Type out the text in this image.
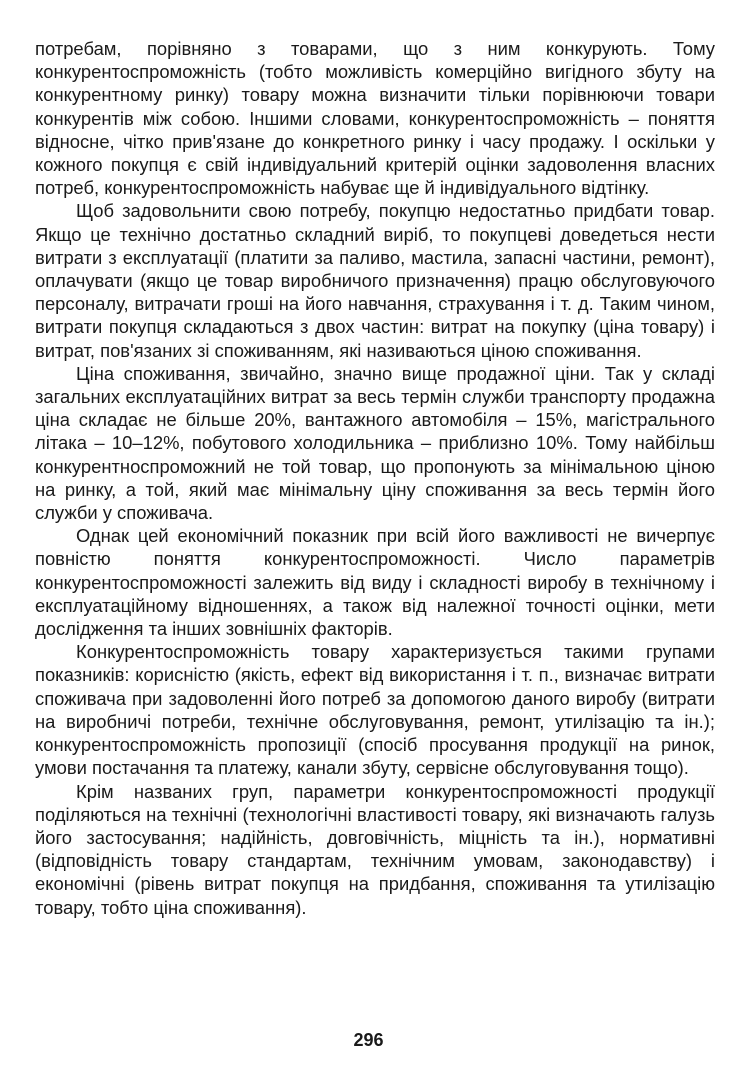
потребам, порівняно з товарами, що з ним конкурують. Тому конкурентоспроможність (тобто можливість комерційно вигідного збуту на конкурентному ринку) товару можна визначити тільки порівнюючи товари конкурентів між собою. Іншими словами, конкурентоспроможність – поняття відносне, чітко прив'язане до конкретного ринку і часу продажу. І оскільки у кожного покупця є свій індивідуальний критерій оцінки задоволення власних потреб, конкурентоспроможність набуває ще й індивідуального відтінку.

Щоб задовольнити свою потребу, покупцю недостатньо придбати товар. Якщо це технічно достатньо складний виріб, то покупцеві доведеться нести витрати з експлуатації (платити за паливо, мастила, запасні частини, ремонт), оплачувати (якщо це товар виробничого призначення) працю обслуговуючого персоналу, витрачати гроші на його навчання, страхування і т. д. Таким чином, витрати покупця складаються з двох частин: витрат на покупку (ціна товару) і витрат, пов'язаних зі споживанням, які називаються ціною споживання.

Ціна споживання, звичайно, значно вище продажної ціни. Так у складі загальних експлуатаційних витрат за весь термін служби транспорту продажна ціна складає не більше 20%, вантажного автомобіля – 15%, магістрального літака – 10–12%, побутового холодильника – приблизно 10%. Тому найбільш конкурентноспроможний не той товар, що пропонують за мінімальною ціною на ринку, а той, який має мінімальну ціну споживання за весь термін його служби у споживача.

Однак цей економічний показник при всій його важливості не вичерпує повністю поняття конкурентоспроможності. Число параметрів конкурентоспроможності залежить від виду і складності виробу в технічному і експлуатаційному відношеннях, а також від належної точності оцінки, мети дослідження та інших зовнішніх факторів.

Конкурентоспроможність товару характеризується такими групами показників: корисністю (якість, ефект від використання і т. п., визначає витрати споживача при задоволенні його потреб за допомогою даного виробу (витрати на виробничі потреби, технічне обслуговування, ремонт, утилізацію та ін.); конкурентоспроможність пропозиції (спосіб просування продукції на ринок, умови постачання та платежу, канали збуту, сервісне обслуговування тощо).

Крім названих груп, параметри конкурентоспроможності продукції поділяються на технічні (технологічні властивості товару, які визначають галузь його застосування; надійність, довговічність, міцність та ін.), нормативні (відповідність товару стандартам, технічним умовам, законодавству) і економічні (рівень витрат покупця на придбання, споживання та утилізацію товару, тобто ціна споживання).

296
